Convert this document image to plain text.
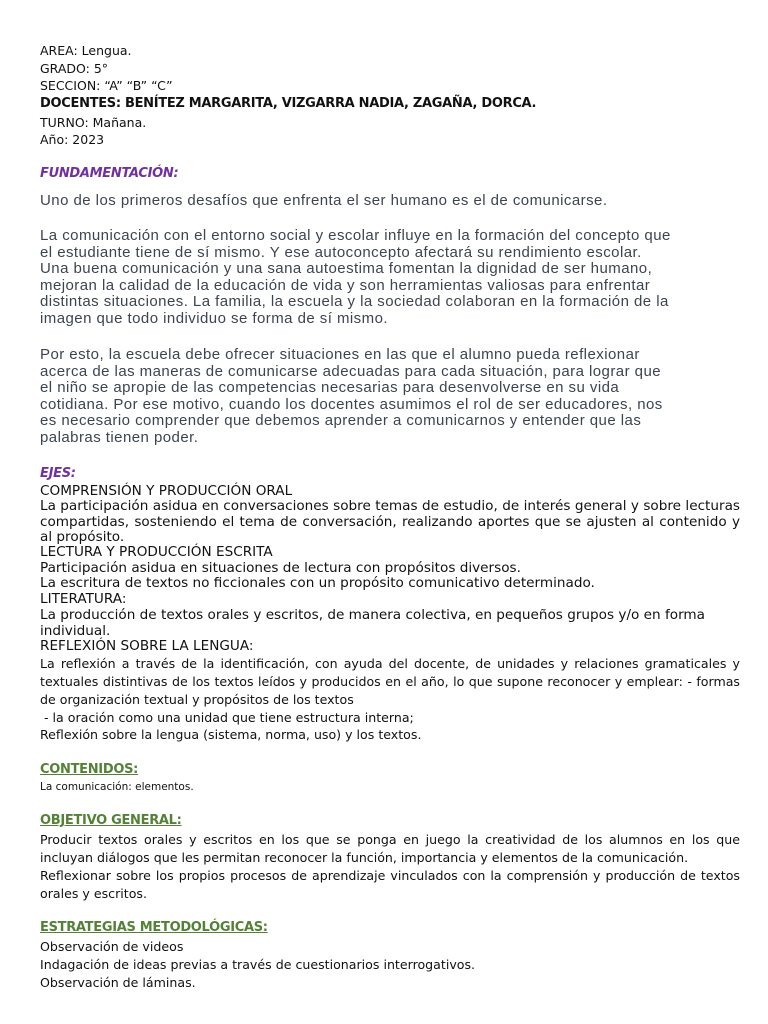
AREA: Lengua.
GRADO: 5°
SECCION: “A” “B” “C”
DOCENTES: BENÍTEZ MARGARITA, VIZGARRA NADIA, ZAGAÑA, DORCA.
TURNO: Mañana.
Año: 2023
FUNDAMENTACIÓN:

Uno de los primeros desafíos que enfrenta el ser humano es el de comunicarse.

La comunicación con el entorno social y escolar influye en la formación del concepto que

el estudiante tiene de sí mismo. Y ese autoconcepto afectará su rendimiento escolar.

Una buena comunicación y una sana autoestima fomentan la dignidad de ser humano,

mejoran la calidad de la educación de vida y son herramientas valiosas para enfrentar

distintas situaciones. La familia, la escuela y la sociedad colaboran en la formación de la

imagen que todo individuo se forma de sí mismo.

Por esto, la escuela debe ofrecer situaciones en las que el alumno pueda reflexionar

acerca de las maneras de comunicarse adecuadas para cada situación, para lograr que

el niño se apropie de las competencias necesarias para desenvolverse en su vida

cotidiana. Por ese motivo, cuando los docentes asumimos el rol de ser educadores, nos

es necesario comprender que debemos aprender a comunicarnos y entender que las

palabras tienen poder.

EJES:

COMPRENSIÓN Y PRODUCCIÓN ORAL

La participación asidua en conversaciones sobre temas de estudio, de interés general y sobre lecturas compartidas, sosteniendo el tema de conversación, realizando aportes que se ajusten al contenido y al propósito.

LECTURA Y PRODUCCIÓN ESCRITA

Participación asidua en situaciones de lectura con propósitos diversos.

La escritura de textos no ficcionales con un propósito comunicativo determinado.

LITERATURA:

La producción de textos orales y escritos, de manera colectiva, en pequeños grupos y/o en forma individual.

REFLEXIÓN SOBRE LA LENGUA:

La reflexión a través de la identificación, con ayuda del docente, de unidades y relaciones gramaticales y textuales distintivas de los textos leídos y producidos en el año, lo que supone reconocer y emplear: - formas de organización textual y propósitos de los textos

- la oración como una unidad que tiene estructura interna;

Reflexión sobre la lengua (sistema, norma, uso) y los textos.

CONTENIDOS:

La comunicación: elementos.

OBJETIVO GENERAL:

Producir textos orales y escritos en los que se ponga en juego la creatividad de los alumnos en los que incluyan diálogos que les permitan reconocer la función, importancia y elementos de la comunicación.

Reflexionar sobre los propios procesos de aprendizaje vinculados con la comprensión y producción de textos orales y escritos.

ESTRATEGIAS METODOLÓGICAS:

Observación de videos

Indagación de ideas previas a través de cuestionarios interrogativos.

Observación de láminas.
